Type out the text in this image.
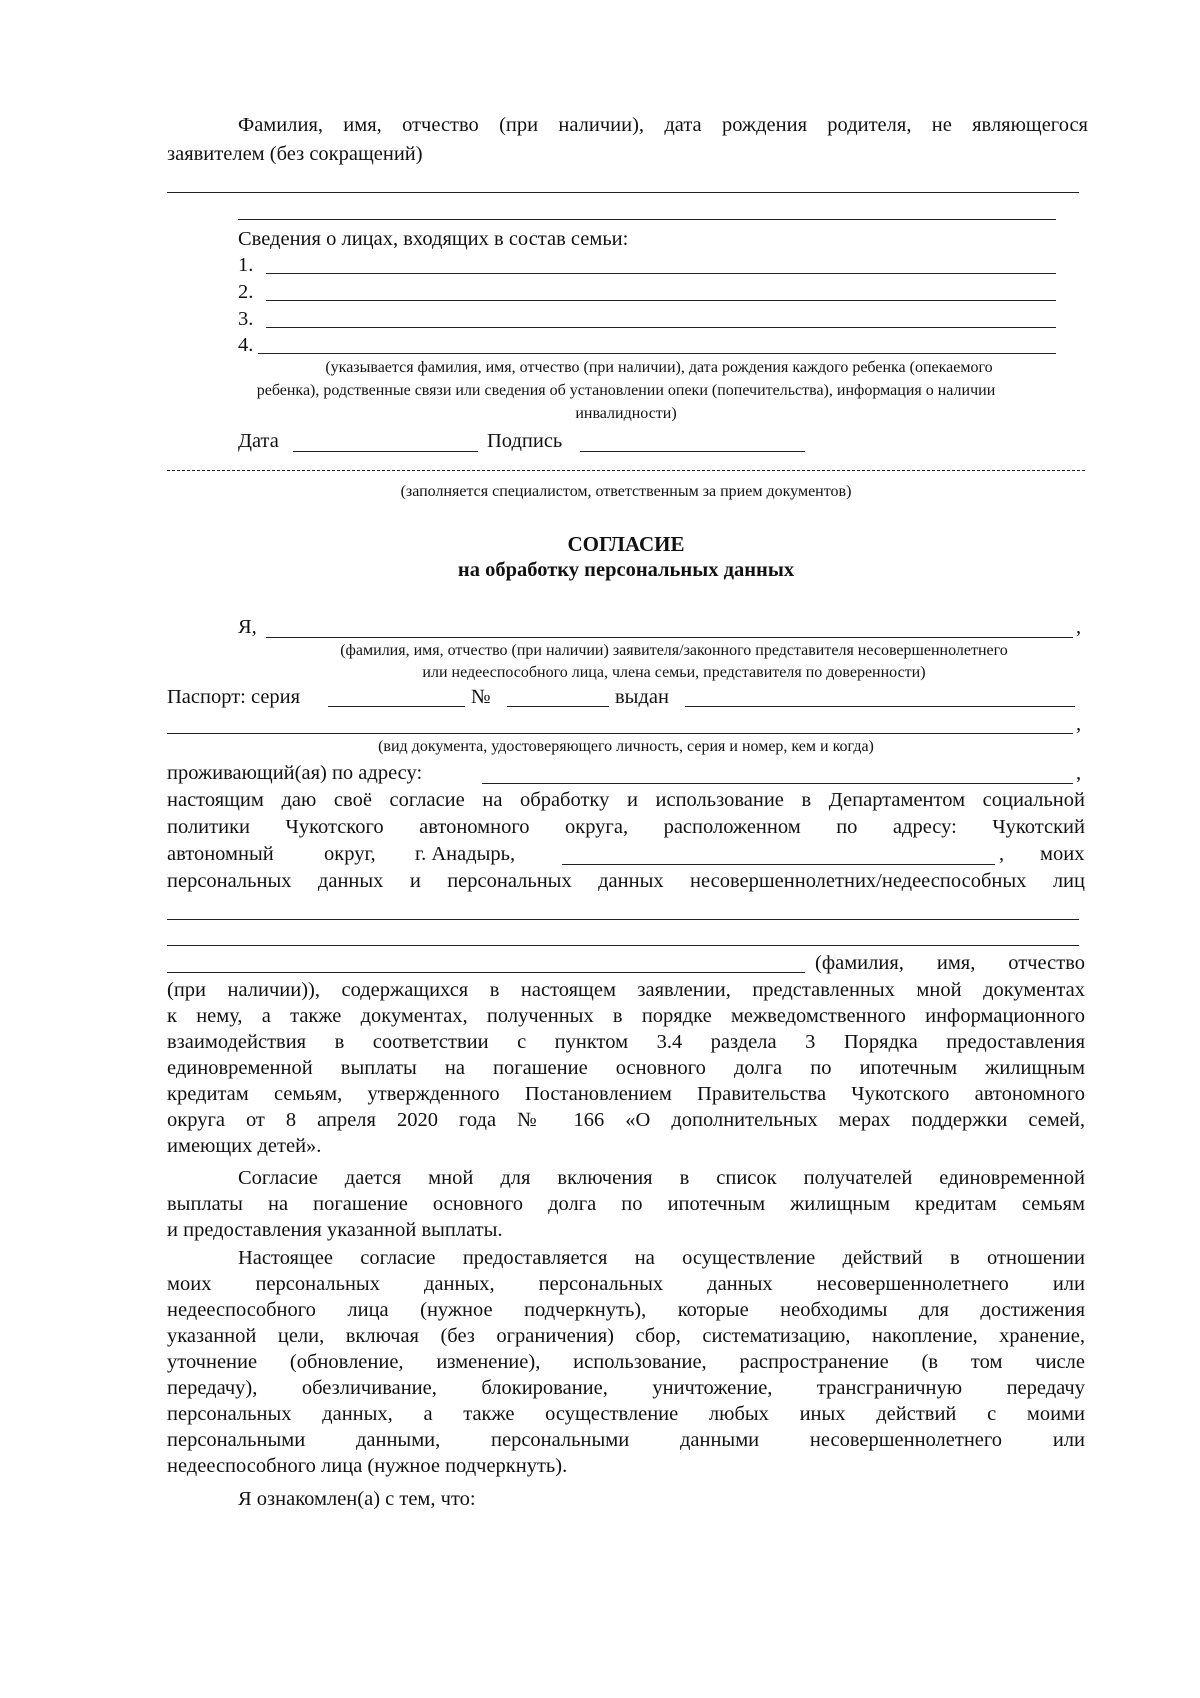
Фамилия, имя, отчество (при наличии), дата рождения родителя, не являющегося
заявителем (без сокращений)
Сведения о лицах, входящих в состав семьи:
1.
2.
3.
4.
(указывается фамилия, имя, отчество (при наличии), дата рождения каждого ребенка (опекаемого
ребенка), родственные связи или сведения об установлении опеки (попечительства), информация о наличии
инвалидности)
Дата	Подпись
(заполняется специалистом, ответственным за прием документов)
СОГЛАСИЕ
на обработку персональных данных
Я,	,
(фамилия, имя, отчество (при наличии) заявителя/законного представителя несовершеннолетнего
или недееспособного лица, члена семьи, представителя по доверенности)
Паспорт: серия	№	выдан
,
(вид документа, удостоверяющего личность, серия и номер, кем и когда)
проживающий(ая) по адресу:	,
настоящим даю своё согласие на обработку и использование в Департаментом социальной
политики Чукотского автономного округа, расположенном по адресу: Чукотский
автономный округ, г. Анадырь,	, моих
персональных данных и персональных данных несовершеннолетних/недееспособных лиц
(фамилия, имя, отчество
(при наличии)), содержащихся в настоящем заявлении, представленных мной документах
к нему, а также документах, полученных в порядке межведомственного информационного
взаимодействия в соответствии с пунктом 3.4 раздела 3 Порядка предоставления
единовременной выплаты на погашение основного долга по ипотечным жилищным
кредитам семьям, утвержденного Постановлением Правительства Чукотского автономного
округа от 8 апреля 2020 года № 166 «О дополнительных мерах поддержки семей,
имеющих детей».
Согласие дается мной для включения в список получателей единовременной
выплаты на погашение основного долга по ипотечным жилищным кредитам семьям
и предоставления указанной выплаты.
Настоящее согласие предоставляется на осуществление действий в отношении
моих персональных данных, персональных данных несовершеннолетнего или
недееспособного лица (нужное подчеркнуть), которые необходимы для достижения
указанной цели, включая (без ограничения) сбор, систематизацию, накопление, хранение,
уточнение (обновление, изменение), использование, распространение (в том числе
передачу), обезличивание, блокирование, уничтожение, трансграничную передачу
персональных данных, а также осуществление любых иных действий с моими
персональными данными, персональными данными несовершеннолетнего или
недееспособного лица (нужное подчеркнуть).
Я ознакомлен(а) с тем, что:
